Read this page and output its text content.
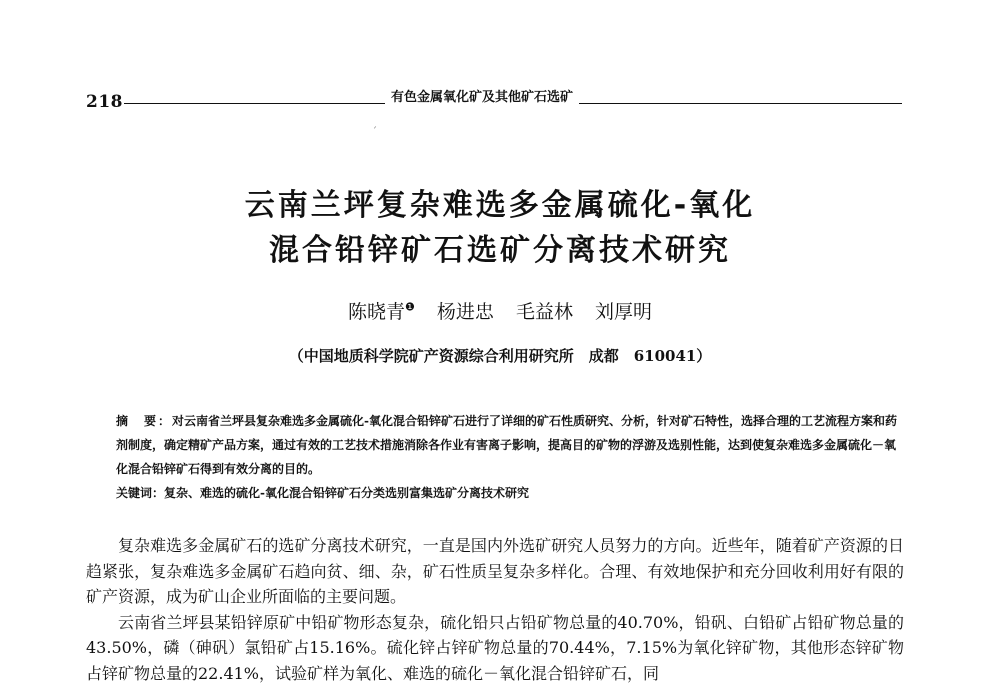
218	有色金属氧化矿及其他矿石选矿
ˊ
云南兰坪复杂难选多金属硫化-氧化
混合铅锌矿石选矿分离技术研究
陈晓青$^❶$ 杨进忠 毛益林 刘厚明
（中国地质科学院矿产资源综合利用研究所　成都　610041）
摘　要：对云南省兰坪县复杂难选多金属硫化-氧化混合铅锌矿石进行了详细的矿石性质研究、分析，针对矿石特性，选择合理的工艺流程方案和药剂制度，确定精矿产品方案，通过有效的工艺技术措施消除各作业有害离子影响，提高目的矿物的浮游及选别性能，达到使复杂难选多金属硫化－氧化混合铅锌矿石得到有效分离的目的。
关键词：复杂、难选的硫化-氧化混合铅锌矿石分类选别富集选矿分离技术研究

复杂难选多金属矿石的选矿分离技术研究，一直是国内外选矿研究人员努力的方向。近些年，随着矿产资源的日趋紧张，复杂难选多金属矿石趋向贫、细、杂，矿石性质呈复杂多样化。合理、有效地保护和充分回收利用好有限的矿产资源，成为矿山企业所面临的主要问题。

云南省兰坪县某铅锌原矿中铅矿物形态复杂，硫化铅只占铅矿物总量的40.70%，铅矾、白铅矿占铅矿物总量的43.50%，磷（砷矾）氯铅矿占15.16%。硫化锌占锌矿物总量的70.44%，7.15%为氧化锌矿物，其他形态锌矿物占锌矿物总量的22.41%，试验矿样为氧化、难选的硫化－氧化混合铅锌矿石，同
